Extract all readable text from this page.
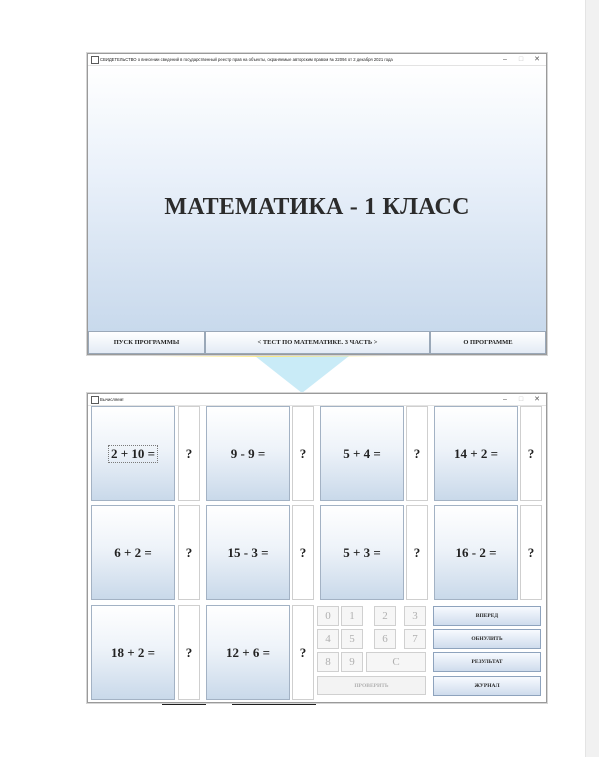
СВИДЕТЕЛЬСТВО о внесении сведений в государственный реестр прав на объекты, охраняемые авторским правом № 22094 от 2 декабря 2021 года	–	□	✕
МАТЕМАТИКА - 1 КЛАСС
ПУСК ПРОГРАММЫ	< ТЕСТ ПО МАТЕМАТИКЕ. 3 ЧАСТЬ >	О ПРОГРАММЕ
Вычисляем!	–	□	✕
2 + 10 =	?	9 - 9 =	?	5 + 4 =	?	14 + 2 =	?
6 + 2 =	?	15 - 3 =	?	5 + 3 =	?	16 - 2 =	?
18 + 2 =	?	12 + 6 =	?
0	1	2	3
4	5	6	7
8	9	C
ПРОВЕРИТЬ
ВПЕРЕД
ОБНУЛИТЬ
РЕЗУЛЬТАТ
ЖУРНАЛ
